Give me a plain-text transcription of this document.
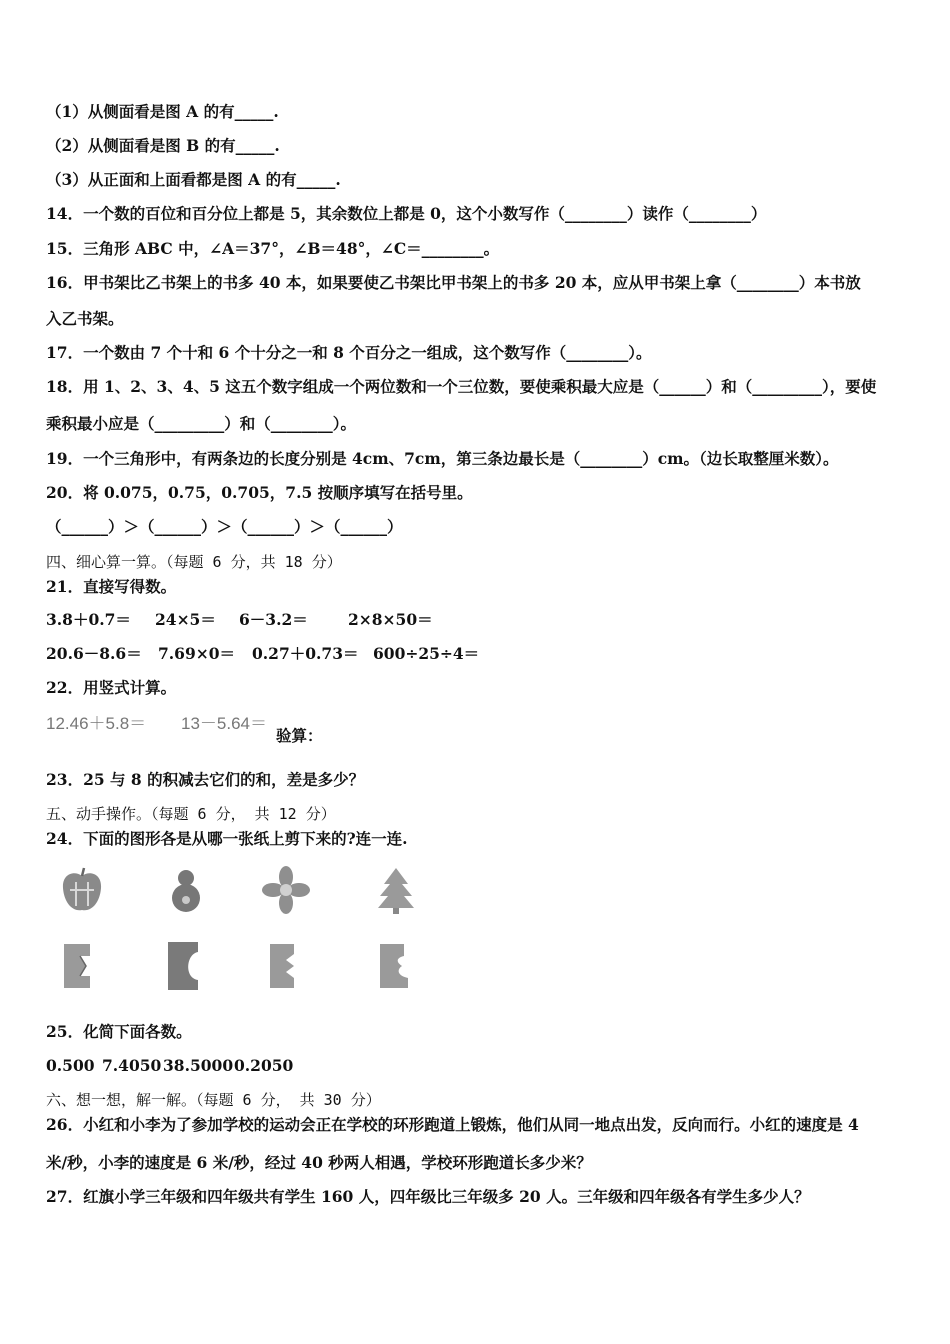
（1）从侧面看是图 A 的有_____.
（2）从侧面看是图 B 的有_____.
（3）从正面和上面看都是图 A 的有_____.
14．一个数的百位和百分位上都是 5，其余数位上都是 0，这个小数写作（________）读作（________）
15．三角形 ABC 中，∠A＝37°，∠B＝48°，∠C＝________。
16．甲书架比乙书架上的书多 40 本，如果要使乙书架比甲书架上的书多 20 本，应从甲书架上拿（________）本书放
入乙书架。
17．一个数由 7 个十和 6 个十分之一和 8 个百分之一组成，这个数写作（________）。
18．用 1、2、3、4、5 这五个数字组成一个两位数和一个三位数，要使乘积最大应是（______）和（_________），要使
乘积最小应是（_________）和（________）。
19．一个三角形中，有两条边的长度分别是 4cm、7cm，第三条边最长是（________）cm。（边长取整厘米数）。
20．将 0.075，0.75，0.705，7.5 按顺序填写在括号里。
（______）＞（______）＞（______）＞（______）
四、细心算一算。（每题 6 分，共 18 分）
21．直接写得数。
3.8＋0.7＝ 24×5＝ 6－3.2＝	2×8×50＝
20.6－8.6＝ 7.69×0＝ 0.27＋0.73＝ 600÷25÷4＝
22．用竖式计算。
12.46＋5.8＝ 13－5.64＝
验算：
23．25 与 8 的积减去它们的和，差是多少？
五、动手操作。（每题 6 分， 共 12 分）
24．下面的图形各是从哪一张纸上剪下来的?连一连.
25．化简下面各数。
0.500 7.4050 38.5000 0.2050
六、想一想，解一解。（每题 6 分， 共 30 分）
26．小红和小李为了参加学校的运动会正在学校的环形跑道上锻炼，他们从同一地点出发，反向而行。小红的速度是 4
米/秒，小李的速度是 6 米/秒，经过 40 秒两人相遇，学校环形跑道长多少米？
27．红旗小学三年级和四年级共有学生 160 人，四年级比三年级多 20 人。三年级和四年级各有学生多少人？
